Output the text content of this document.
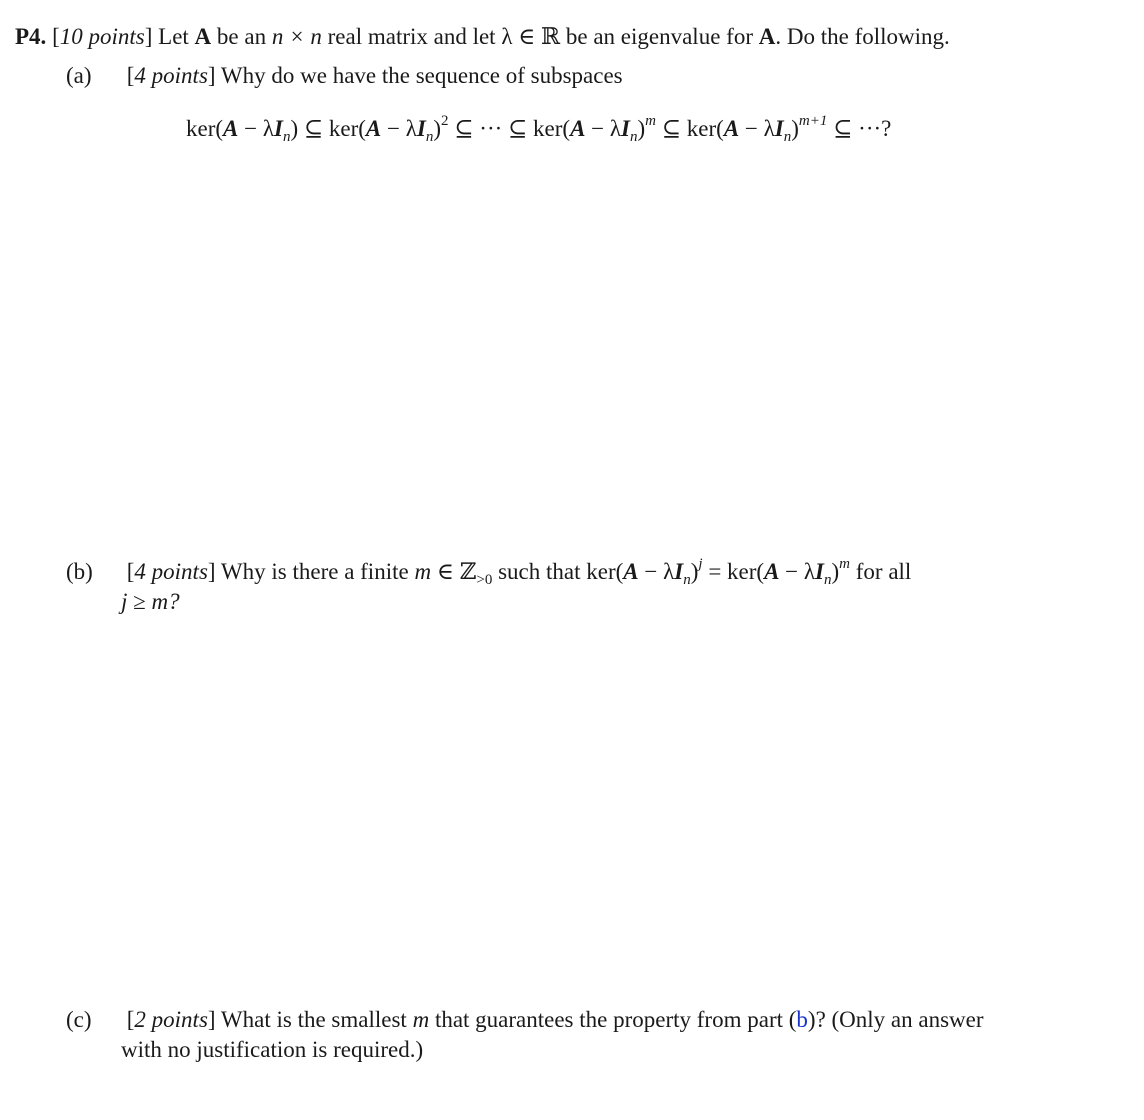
P4. [10 points] Let A be an n × n real matrix and let λ ∈ ℝ be an eigenvalue for A. Do the following.
(a) [4 points] Why do we have the sequence of subspaces
$ker(A - \lambda I_n)$ ⊆ $ker(A - \lambda I_n)^2$ ⊆ ··· ⊆ $ker(A - \lambda I_n)^m$ ⊆ $ker(A - \lambda I_n)^{m+1}$ ⊆ ···?
(b) [4 points] Why is there a finite m ∈ ℤ$_{>0}$ such that $ker(A - \lambda I_n)^j = ker(A - \lambda I_n)^m$ for all
j ≥ m?
(c) [2 points] What is the smallest m that guarantees the property from part (b)? (Only an answer
with no justification is required.)
